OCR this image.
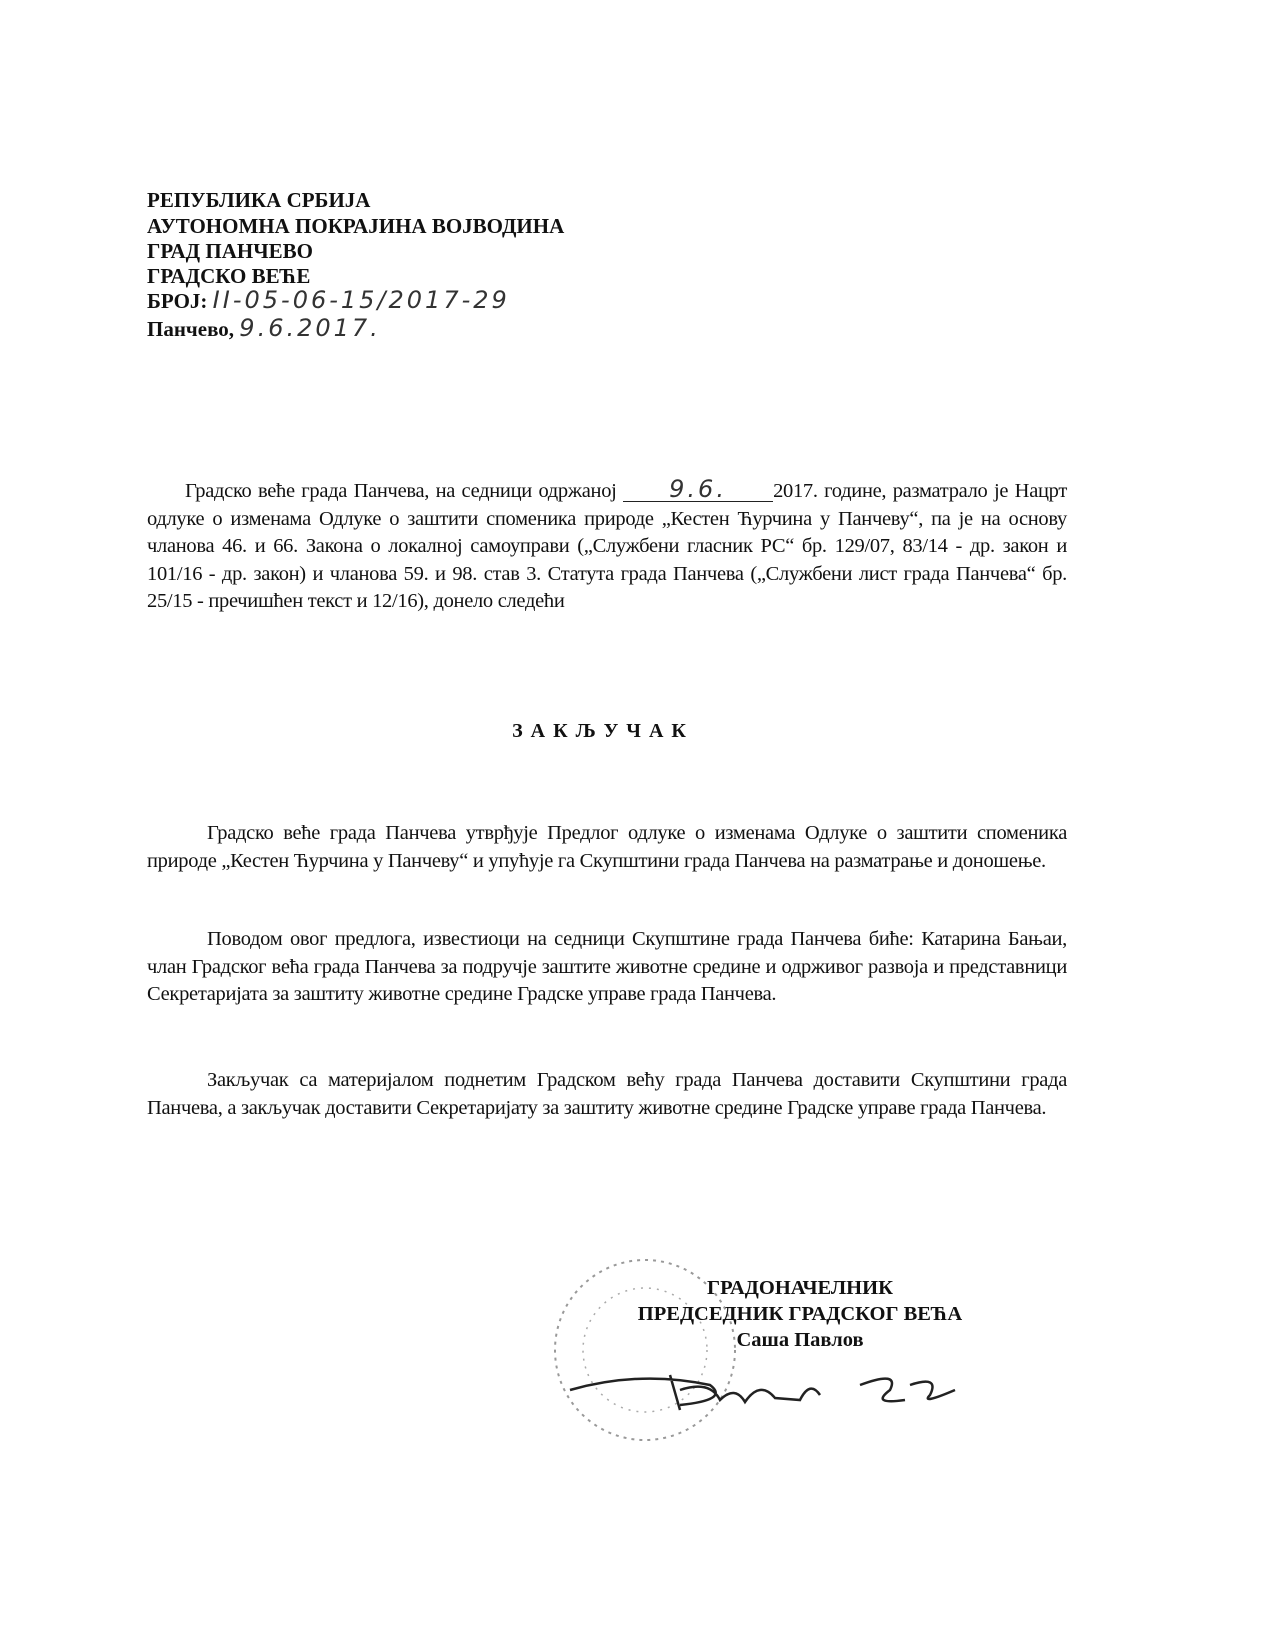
РЕПУБЛИКА СРБИЈА
АУТОНОМНА ПОКРАЈИНА ВОЈВОДИНА
ГРАД ПАНЧЕВО
ГРАДСКО ВЕЋЕ
БРОЈ: II-05-06-15/2017-29
Панчево, 9.6.2017.
Градско веће града Панчева, на седници одржаној 9.6. 2017. године, разматрало је Нацрт одлуке о изменама Одлуке о заштити споменика природе „Кестен Ћурчина у Панчеву“, па је на основу чланова 46. и 66. Закона о локалној самоуправи („Службени гласник РС“ бр. 129/07, 83/14 - др. закон и 101/16 - др. закон) и чланова 59. и 98. став 3. Статута града Панчева („Службени лист града Панчева“ бр. 25/15 - пречишћен текст и 12/16), донело следећи
ЗАКЉУЧАК
Градско веће града Панчева утврђује Предлог одлуке о изменама Одлуке о заштити споменика природе „Кестен Ћурчина у Панчеву“ и упућује га Скупштини града Панчева на разматрање и доношење.
Поводом овог предлога, известиоци на седници Скупштине града Панчева биће: Катарина Бањаи, члан Градског већа града Панчева за подручје заштите животне средине и одрживог развоја и представници Секретаријата за заштиту животне средине Градске управе града Панчева.
Закључак са материјалом поднетим Градском већу града Панчева доставити Скупштини града Панчева, а закључак доставити Секретаријату за заштиту животне средине Градске управе града Панчева.
ГРАДОНАЧЕЛНИК
ПРЕДСЕДНИК ГРАДСКОГ ВЕЋА
Саша Павлов
